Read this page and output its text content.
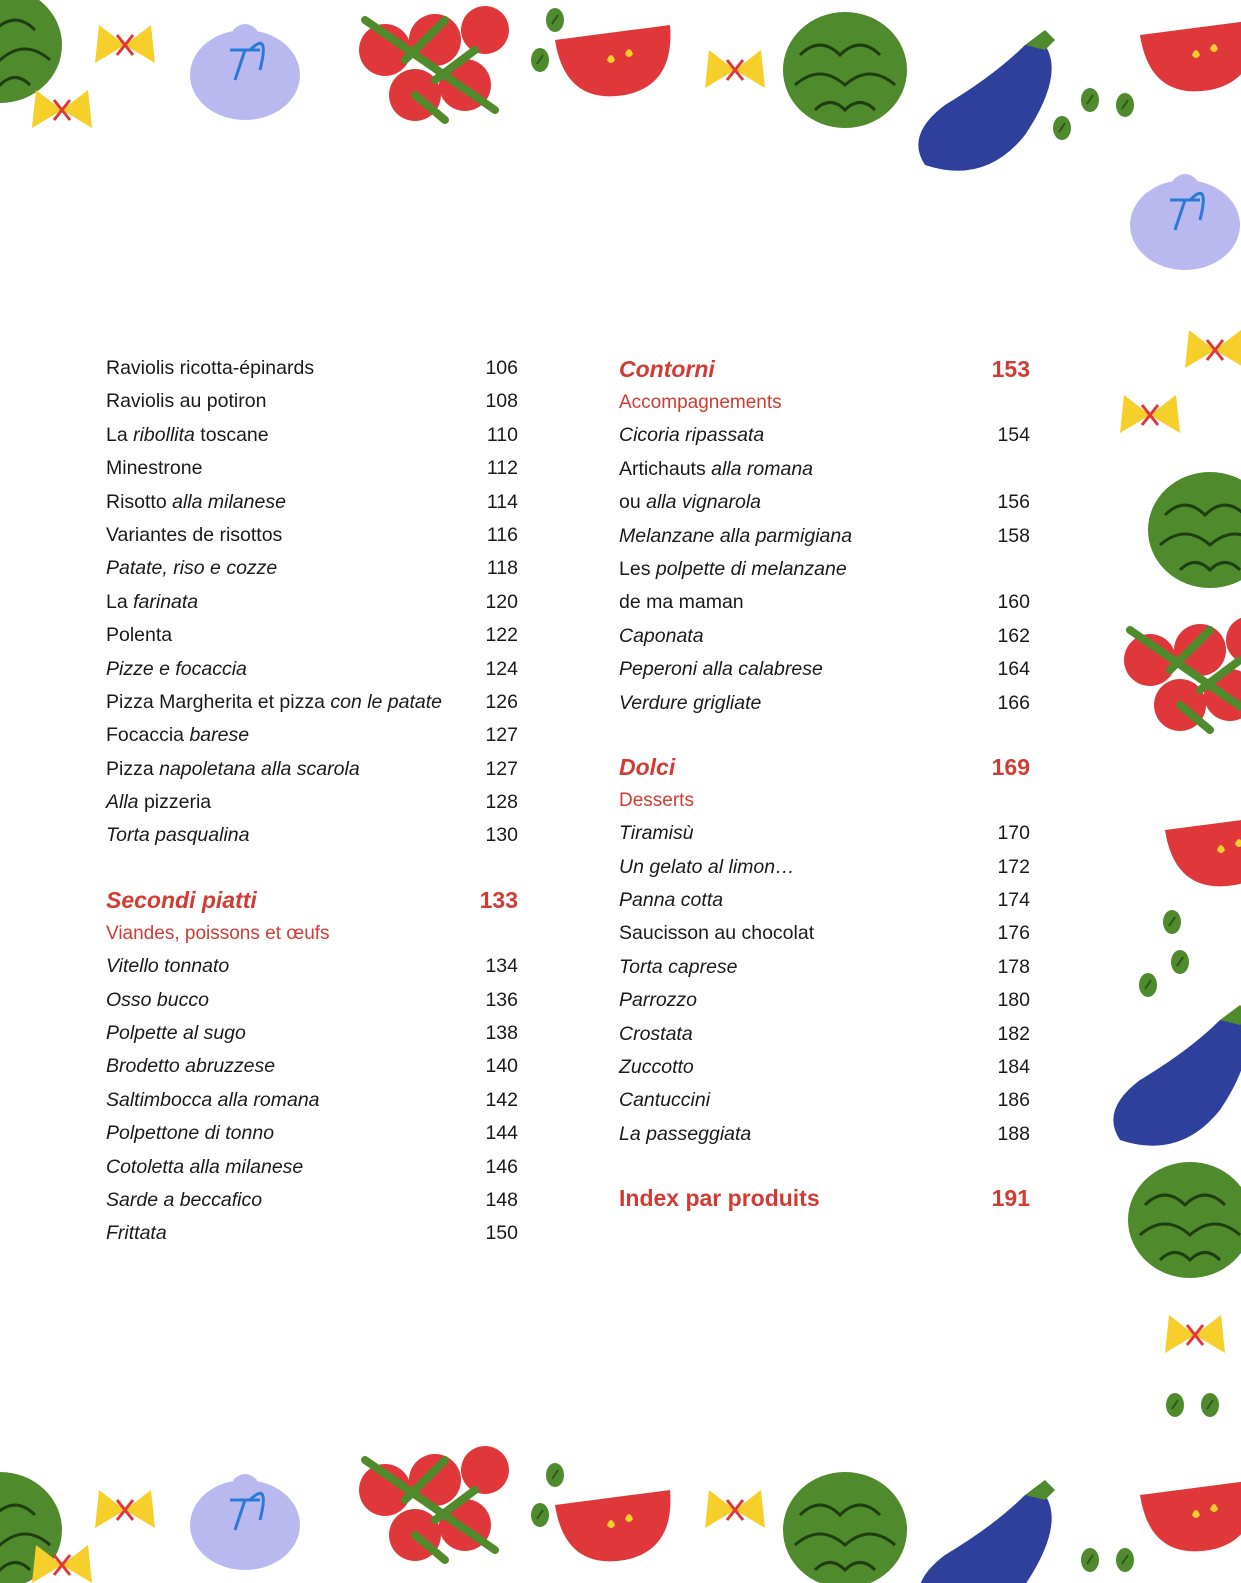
Raviolis ricotta-épinards	106
Raviolis au potiron	108
La ribollita toscane	110
Minestrone	112
Risotto alla milanese	114
Variantes de risottos	116
Patate, riso e cozze	118
La farinata	120
Polenta	122
Pizze e focaccia	124
Pizza Margherita et pizza con le patate 126
Focaccia barese	127
Pizza napoletana alla scarola	127
Alla pizzeria	128
Torta pasqualina	130
Secondi piatti	133
Viandes, poissons et œufs
Vitello tonnato	134
Osso bucco	136
Polpette al sugo	138
Brodetto abruzzese	140
Saltimbocca alla romana	142
Polpettone di tonno	144
Cotoletta alla milanese	146
Sarde a beccafico	148
Frittata	150
Contorni	153
Accompagnements
Cicoria ripassata	154
Artichauts alla romana
ou alla vignarola	156
Melanzane alla parmigiana	158
Les polpette di melanzane
de ma maman	160
Caponata	162
Peperoni alla calabrese	164
Verdure grigliate	166
Dolci	169
Desserts
Tiramisù	170
Un gelato al limon…	172
Panna cotta	174
Saucisson au chocolat	176
Torta caprese	178
Parrozzo	180
Crostata	182
Zuccotto	184
Cantuccini	186
La passeggiata	188
Index par produits	191
